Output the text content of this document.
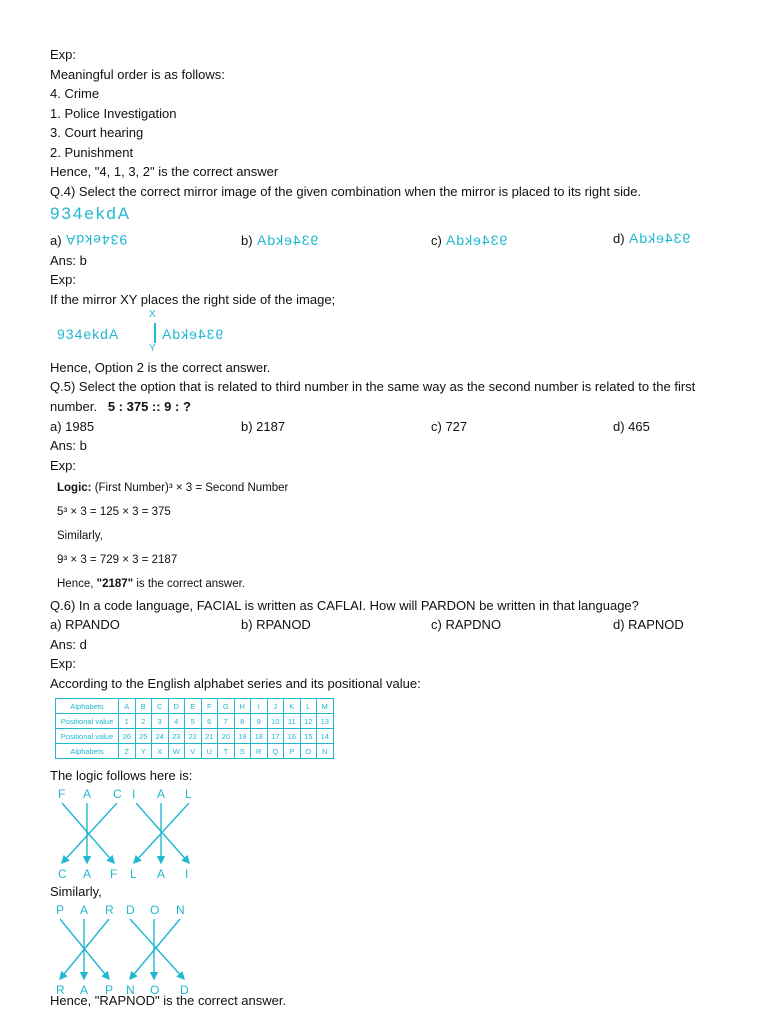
Exp:
Meaningful order is as follows:
4. Crime
1. Police Investigation
3. Court hearing
2. Punishment
Hence, "4, 1, 3, 2" is the correct answer
Q.4) Select the correct mirror image of the given combination when the mirror is placed to its right side.
934ekdA
a) 934ekdA	b) 934ekdA	c) 934ekdA	d) 934ekdA
Ans: b
Exp:
If the mirror XY places the right side of the image;
X
934ekdA	934ekdA
Y
Hence, Option 2 is the correct answer.
Q.5) Select the option that is related to third number in the same way as the second number is related to the first
number. 5 : 375 :: 9 : ?
a) 1985	b) 2187	c) 727	d) 465
Ans: b
Exp:
Logic: (First Number)³ × 3 = Second Number
5³ × 3 = 125 × 3 = 375
Similarly,
9³ × 3 = 729 × 3 = 2187
Hence, "2187" is the correct answer.
Q.6) In a code language, FACIAL is written as CAFLAI. How will PARDON be written in that language?
a) RPANDO	b) RPANOD	c) RAPDNO	d) RAPNOD
Ans: d
Exp:
According to the English alphabet series and its positional value:
Alphabets	A	B	C	D	E	F	G	H	I	J	K	L	M
Positional value	1	2	3	4	5	6	7	8	9	10	11	12	13
Positional value	26	25	24	23	22	21	20	19	18	17	16	15	14
Alphabets	Z	Y	X	W	V	U	T	S	R	Q	P	O	N
The logic follows here is:
F A C I A L
C A F L A I
Similarly,
P A R D O N
R A P N O D
Hence, "RAPNOD" is the correct answer.
